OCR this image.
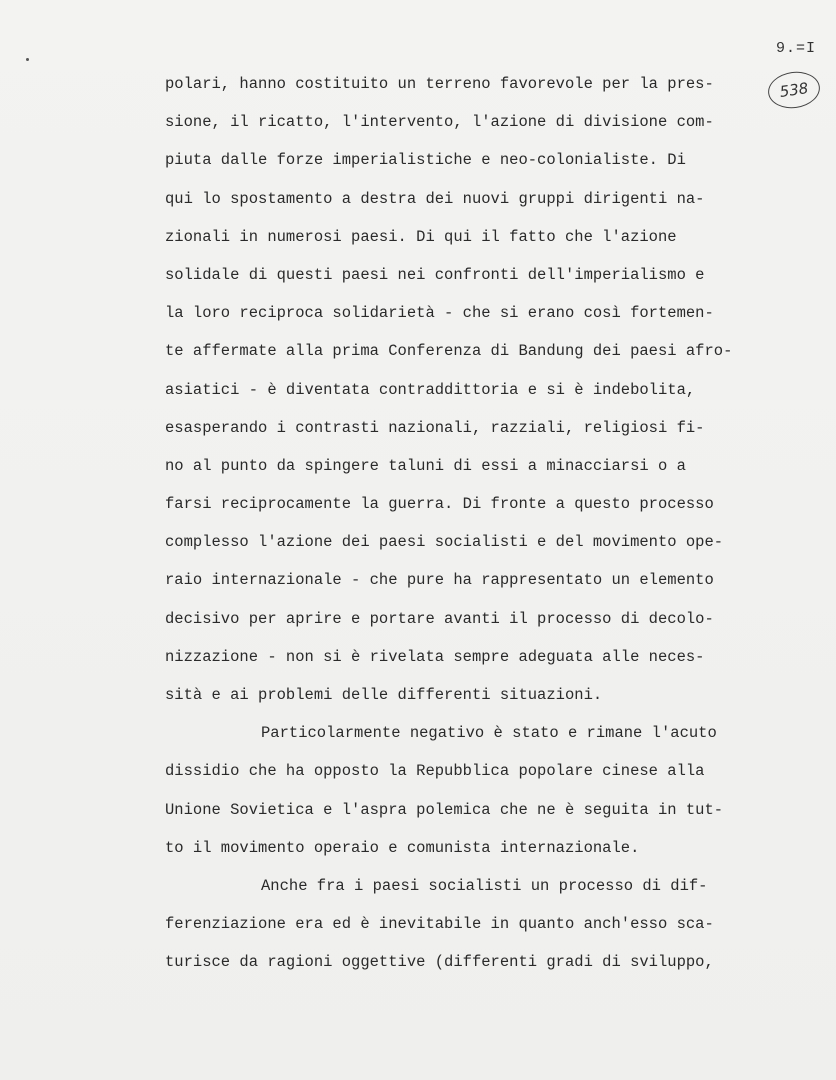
9.=I
538
polari, hanno costituito un terreno favorevole per la pres-
sione, il ricatto, l'intervento, l'azione di divisione com-
piuta dalle forze imperialistiche e neo-colonialiste. Di
qui lo spostamento a destra dei nuovi gruppi dirigenti na-
zionali in numerosi paesi. Di qui il fatto che l'azione
solidale di questi paesi nei confronti dell'imperialismo e
la loro reciproca solidarietà - che si erano così fortemen-
te affermate alla prima Conferenza di Bandung dei paesi afro-
asiatici - è diventata contraddittoria e si è indebolita,
esasperando i contrasti nazionali, razziali, religiosi fi-
no al punto da spingere taluni di essi a minacciarsi o a
farsi reciprocamente la guerra. Di fronte a questo processo
complesso l'azione dei paesi socialisti e del movimento ope-
raio internazionale - che pure ha rappresentato un elemento
decisivo per aprire e portare avanti il processo di decolo-
nizzazione - non si è rivelata sempre adeguata alle neces-
sità e ai problemi delle differenti situazioni.
Particolarmente negativo è stato e rimane l'acuto
dissidio che ha opposto la Repubblica popolare cinese alla
Unione Sovietica e l'aspra polemica che ne è seguita in tut-
to il movimento operaio e comunista internazionale.
Anche fra i paesi socialisti un processo di dif-
ferenziazione era ed è inevitabile in quanto anch'esso sca-
turisce da ragioni oggettive (differenti gradi di sviluppo,
